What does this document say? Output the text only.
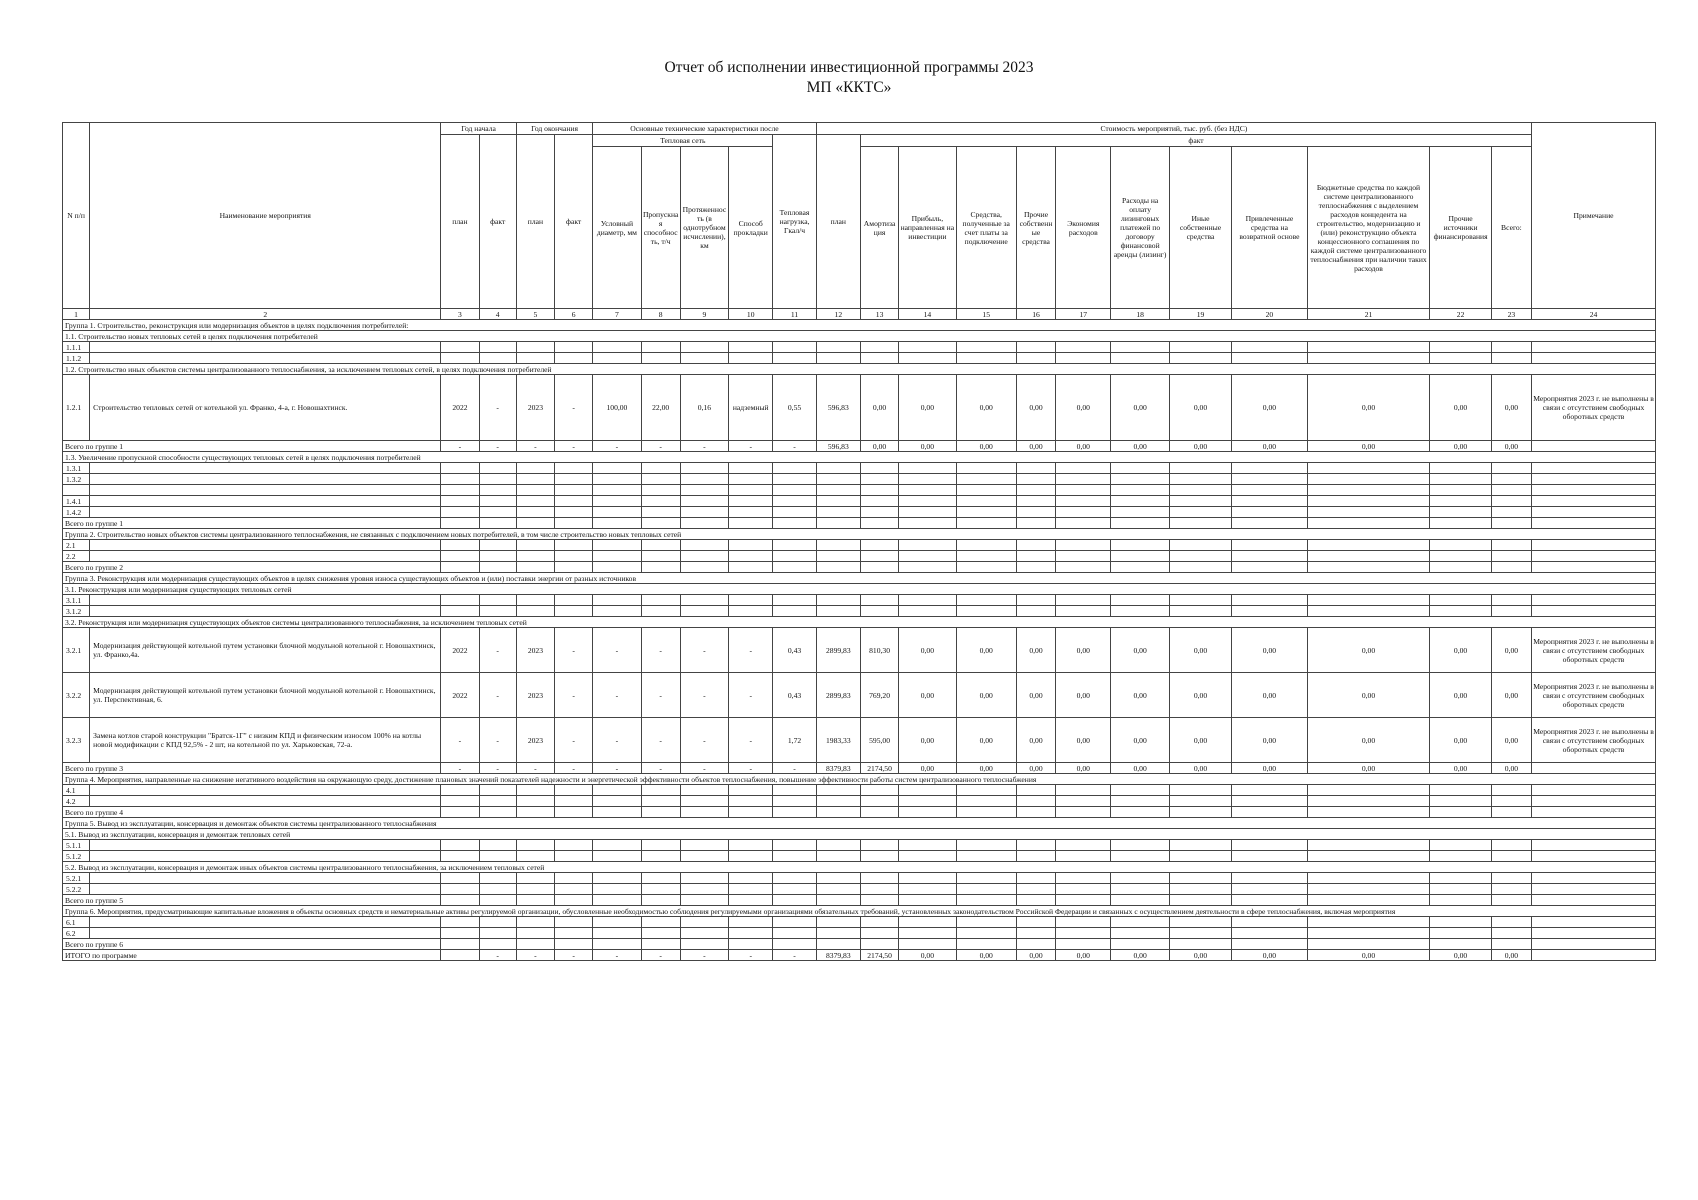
Отчет об исполнении инвестиционной программы 2023
МП «ККТС»
N п/п	Наименование мероприятия	Год начала		Год окончания		Основные технические характеристики после					Стоимость мероприятий, тыс. руб. (без НДС)												Примечание
		план	факт	план	факт	Тепловая сеть				Тепловая нагрузка, Гкал/ч	план	факт											
						Условный диаметр, мм	Пропускная способность, т/ч	Протяженность (в однотрубном исчислении), км	Способ прокладки			Амортизация	Прибыль, направленная на инвестиции	Средства, полученные за счет платы за подключение	Прочие собственные средства	Экономия расходов	Расходы на оплату лизинговых платежей по договору финансовой аренды (лизинг)	Иные собственные средства	Привлеченные средства на возвратной основе	Бюджетные средства по каждой системе централизованного теплоснабжения с выделением расходов концедента на строительство, модернизацию и (или) реконструкцию объекта концессионного соглашения по каждой системе централизованного теплоснабжения при наличии таких расходов	Прочие источники финансирования	Всего:	

1	2	3	4	5	6	7	8	9	10	11	12	13	14	15	16	17	18	19	20	21	22	23	24
Группа 1. Строительство, реконструкция или модернизация объектов в целях подключения потребителей:																							
1.1. Строительство новых тепловых сетей в целях подключения потребителей																							
1.1.1																							
1.1.2																							
1.2. Строительство иных объектов системы централизованного теплоснабжения, за исключением тепловых сетей, в целях подключения потребителей																							
1.2.1	Строительство тепловых сетей от котельной ул. Франко, 4-а, г. Новошахтинск.	2022	-	2023	-	100,00	22,00	0,16	надземный	0,55	596,83	0,00	0,00	0,00	0,00	0,00	0,00	0,00	0,00	0,00	0,00	0,00	Мероприятия 2023 г. не выполнены в связи с отсутствием свободных оборотных средств
Всего по группе 1		-	-	-	-	-	-	-	-	-	596,83	0,00	0,00	0,00	0,00	0,00	0,00	0,00	0,00	0,00	0,00	0,00	
1.3. Увеличение пропускной способности существующих тепловых сетей в целях подключения потребителей																							
1.3.1																							
1.3.2																							

1.4.1																							
1.4.2																							
Всего по группе 1																							
Группа 2. Строительство новых объектов системы централизованного теплоснабжения, не связанных с подключением новых потребителей, в том числе строительство новых тепловых сетей																							
2.1																							
2.2																							
Всего по группе 2																							
Группа 3. Реконструкция или модернизация существующих объектов в целях снижения уровня износа существующих объектов и (или) поставки энергии от разных источников																							
3.1. Реконструкция или модернизация существующих тепловых сетей																							
3.1.1																							
3.1.2																							
3.2. Реконструкция или модернизация существующих объектов системы централизованного теплоснабжения, за исключением тепловых сетей																							
3.2.1	Модернизация действующей котельной путем установки блочной модульной котельной г. Новошахтинск, ул. Франко,4а.	2022	-	2023	-	-	-	-	-	0,43	2899,83	810,30	0,00	0,00	0,00	0,00	0,00	0,00	0,00	0,00	0,00	0,00	Мероприятия 2023 г. не выполнены в связи с отсутствием свободных оборотных средств
3.2.2	Модернизация действующей котельной путем установки блочной модульной котельной г. Новошахтинск, ул. Перспективная, 6.	2022	-	2023	-	-	-	-	-	0,43	2899,83	769,20	0,00	0,00	0,00	0,00	0,00	0,00	0,00	0,00	0,00	0,00	Мероприятия 2023 г. не выполнены в связи с отсутствием свободных оборотных средств
3.2.3	Замена котлов старой конструкции "Братск-1Г" с низким КПД и физическим износом 100% на котлы новой модификации с КПД 92,5% - 2 шт, на котельной по ул. Харьковская, 72-а.	-	-	2023	-	-	-	-	-	1,72	1983,33	595,00	0,00	0,00	0,00	0,00	0,00	0,00	0,00	0,00	0,00	0,00	Мероприятия 2023 г. не выполнены в связи с отсутствием свободных оборотных средств
Всего по группе 3		-	-	-	-	-	-	-	-	-	8379,83	2174,50	0,00	0,00	0,00	0,00	0,00	0,00	0,00	0,00	0,00	0,00	
Группа 4. Мероприятия, направленные на снижение негативного воздействия на окружающую среду, достижение плановых значений показателей надежности и энергетической эффективности объектов теплоснабжения, повышение эффективности работы систем централизованного теплоснабжения																							
4.1																							
4.2																							
Всего по группе 4																							
Группа 5. Вывод из эксплуатации, консервация и демонтаж объектов системы централизованного теплоснабжения																							
5.1. Вывод из эксплуатации, консервация и демонтаж тепловых сетей																							
5.1.1																							
5.1.2																							
5.2. Вывод из эксплуатации, консервация и демонтаж иных объектов системы централизованного теплоснабжения, за исключением тепловых сетей																							
5.2.1																							
5.2.2																							
Всего по группе 5																							
Группа 6. Мероприятия, предусматривающие капитальные вложения в объекты основных средств и нематериальные активы регулируемой организации, обусловленные необходимостью соблюдения регулируемыми организациями обязательных требований, установленных законодательством Российской Федерации и связанных с осуществлением деятельности в сфере теплоснабжения, включая мероприятия																							
6.1																							
6.2																							
Всего по группе 6																							
ИТОГО по программе			-	-	-	-	-	-	-	-	8379,83	2174,50	0,00	0,00	0,00	0,00	0,00	0,00	0,00	0,00	0,00	0,00	
